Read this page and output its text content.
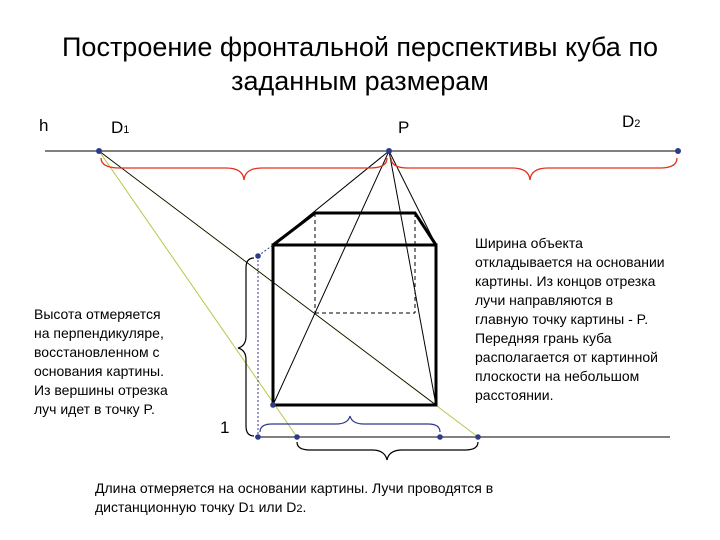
Построение фронтальной перспективы куба по
заданным размерам
h	D1	P	D2
1
Высота отмеряется
на перпендикуляре,
восстановленном с
основания картины.
Из вершины отрезка
луч идет в точку P.
Ширина объекта
откладывается на основании
картины. Из концов отрезка
лучи направляются в
главную точку картины - P.
Передняя грань куба
располагается от картинной
плоскости на небольшом
расстоянии.
Длина отмеряется на основании картины. Лучи проводятся в
дистанционную точку D1 или D2.
